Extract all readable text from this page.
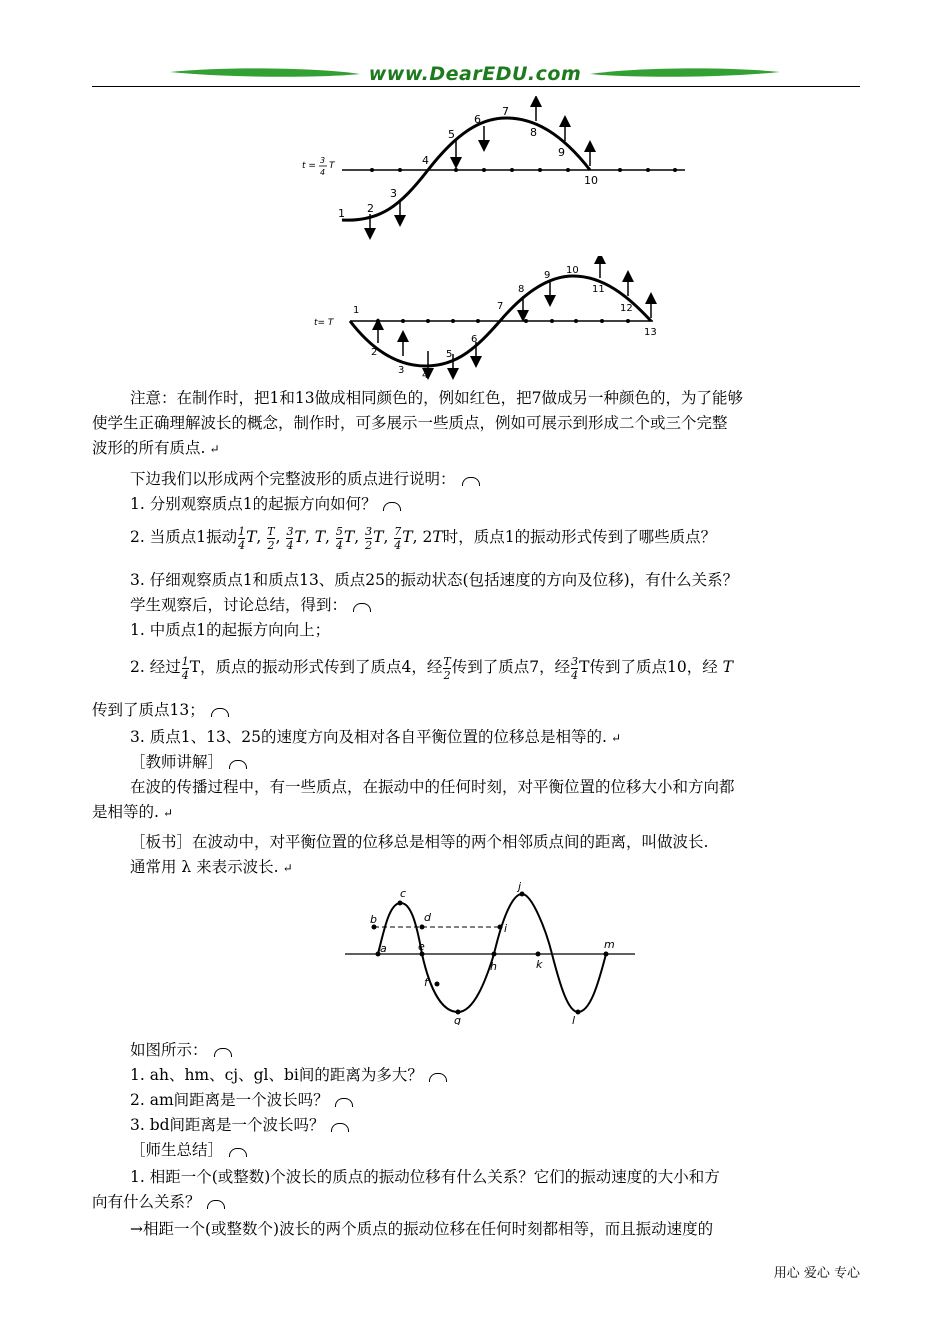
www.DearEDU.com
t =
3
4
T
1 2
3
4
5
6
7
8
9
10
t= T
1
2
3 4
5
6
7
8
9 10
11
12
13
注意：在制作时，把1和13做成相同颜色的，例如红色，把7做成另一种颜色的，为了能够
使学生正确理解波长的概念，制作时，可多展示一些质点，例如可展示到形成二个或三个完整
波形的所有质点. ↵
下边我们以形成两个完整波形的质点进行说明：
1. 分别观察质点1的起振方向如何？
2. 当质点1振动 $\frac{1}{4} T$, $\frac{T}{2}$ , $\frac{3}{4} T$, T, $\frac{5}{4} T$, $\frac{3}{2} T$, $\frac{7}{4} T$, 2T时，质点1的振动形式传到了哪些质点？
3. 仔细观察质点1和质点13、质点25的振动状态(包括速度的方向及位移)，有什么关系？
学生观察后，讨论总结，得到：
1. 中质点1的起振方向向上；
2. 经过 $\frac{1}{4}$ T，质点的振动形式传到了质点4，经 $\frac{T}{2}$ 传到了质点7，经 $\frac{3}{4}$ T传到了质点10，经 T
传到了质点13；
3. 质点1、13、25的速度方向及相对各自平衡位置的位移总是相等的. ↵
［教师讲解］
在波的传播过程中，有一些质点，在振动中的任何时刻，对平衡位置的位移大小和方向都
是相等的. ↵
［板书］在波动中，对平衡位置的位移总是相等的两个相邻质点间的距离，叫做波长.
通常用 λ 来表示波长. ↵
a
b
c
d
e
f
g
h
i
j
k
l
m
如图所示：
1. ah、hm、cj、gl、bi间的距离为多大？
2. am间距离是一个波长吗？
3. bd间距离是一个波长吗？
［师生总结］
1. 相距一个(或整数)个波长的质点的振动位移有什么关系？它们的振动速度的大小和方
向有什么关系？
→相距一个(或整数个)波长的两个质点的振动位移在任何时刻都相等，而且振动速度的
用心 爱心 专心
